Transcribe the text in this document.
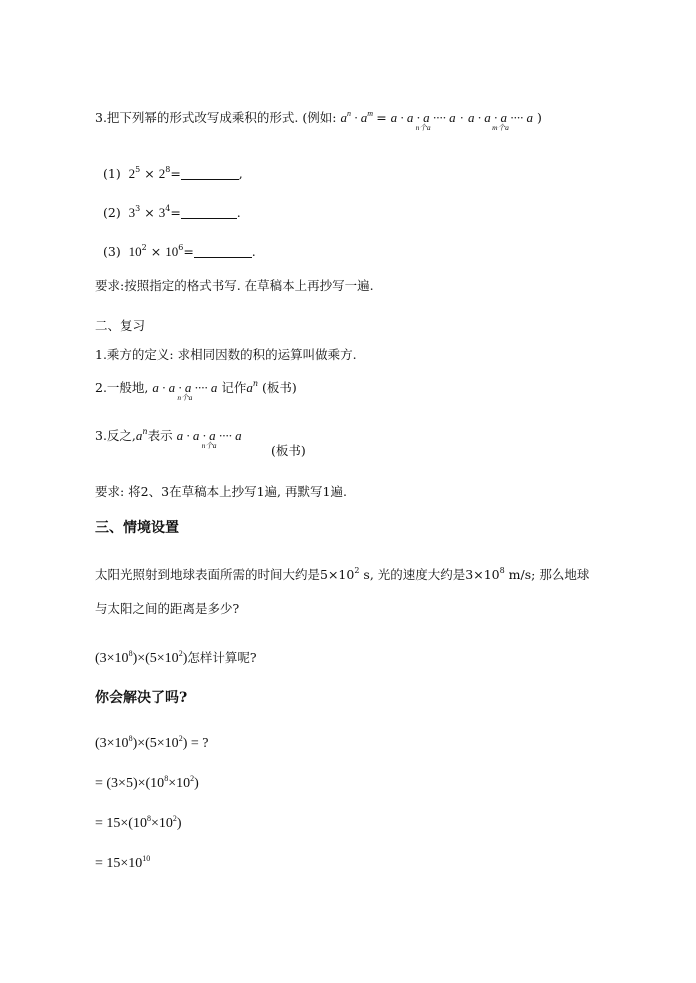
3.把下列幂的形式改写成乘积的形式. (例如: $a^n \cdot a^m = a \cdot a \cdot a$ ···· a
n个a
· a · a · a ···· a
m个a
)
(1) $2^5 \times 2^8=$	,
(2) $3^3 \times 3^4=$	.
(3) $10^2 \times 10^6=$	.
要求:按照指定的格式书写. 在草稿本上再抄写一遍.
二、复习
1.乘方的定义: 求相同因数的积的运算叫做乘方.
2.一般地, a · a · a ···· a
n个a
记作$a^n$ (板书)
3.反之$,a^n$表示 a · a · a ···· a
n个a	(板书)
要求: 将2、3在草稿本上抄写1遍, 再默写1遍.
三、情境设置
太阳光照射到地球表面所需的时间大约是$5\times 10^2$ s, 光的速度大约是$3\times 10^8$ m/s; 那么地球
与太阳之间的距离是多少?
$(3\times 10^8)\times(5\times 10^2)$怎样计算呢?
你会解决了吗?
$(3\times 10^8)\times(5\times 10^2)$ = ?
= $(3\times 5)\times(10^8\times 10^2)$
= $15\times(10^8\times 10^2)$
= $15\times 10^{10}$
